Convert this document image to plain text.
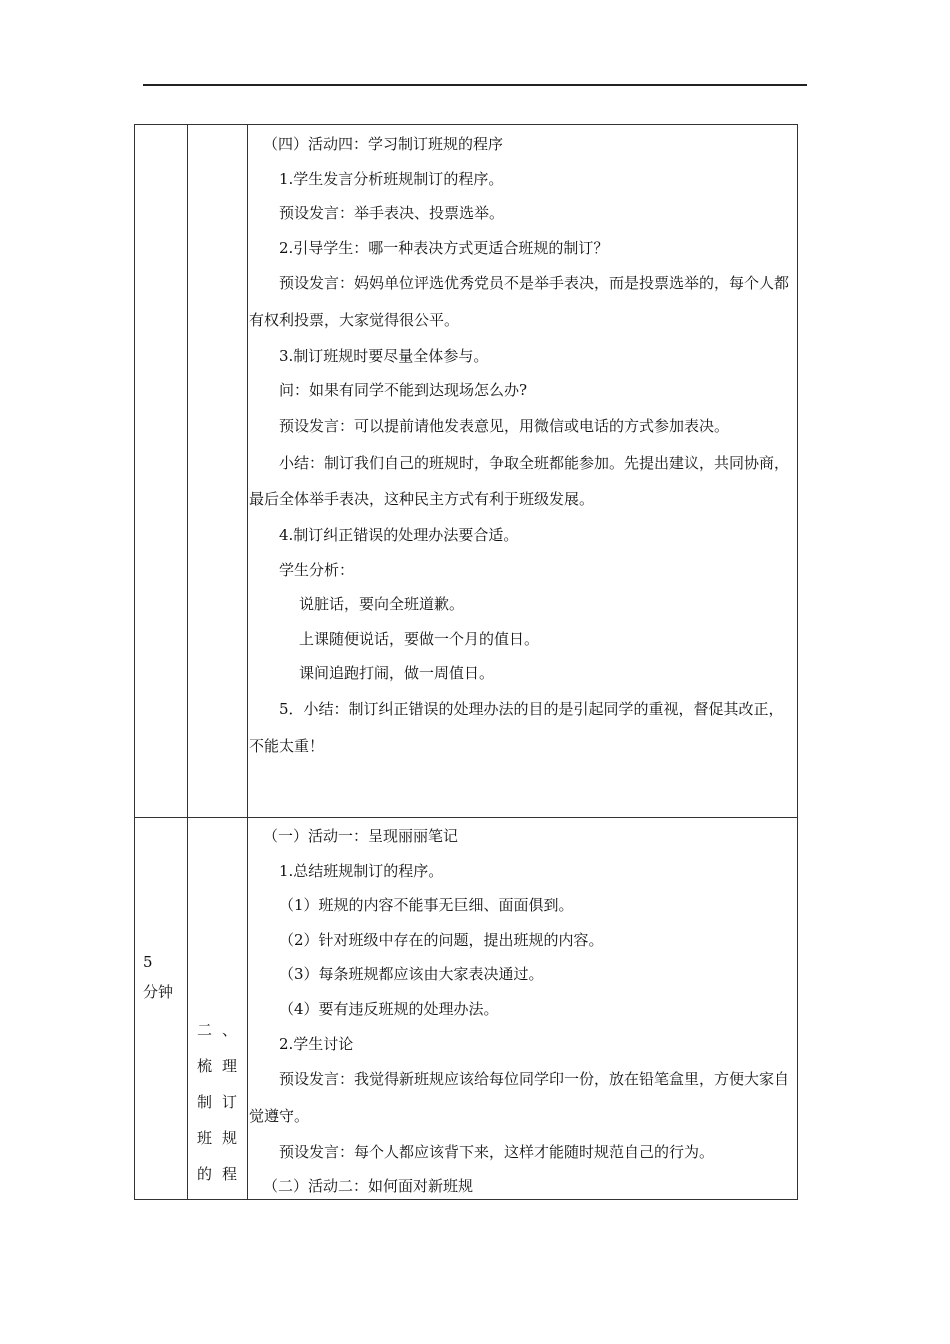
（四）活动四：学习制订班规的程序

1.学生发言分析班规制订的程序。

预设发言：举手表决、投票选举。

2.引导学生：哪一种表决方式更适合班规的制订？

预设发言：妈妈单位评选优秀党员不是举手表决，而是投票选举的，每个人都有权利投票，大家觉得很公平。

3.制订班规时要尽量全体参与。

问：如果有同学不能到达现场怎么办?

预设发言：可以提前请他发表意见，用微信或电话的方式参加表决。

小结：制订我们自己的班规时，争取全班都能参加。先提出建议，共同协商，最后全体举手表决，这种民主方式有利于班级发展。

4.制订纠正错误的处理办法要合适。

学生分析：

说脏话，要向全班道歉。

上课随便说话，要做一个月的值日。

课间追跑打闹，做一周值日。

5．小结：制订纠正错误的处理办法的目的是引起同学的重视，督促其改正，不能太重！

5
分钟
二 、
梳 理
制 订
班 规
的 程

（一）活动一：呈现丽丽笔记

1.总结班规制订的程序。

（1）班规的内容不能事无巨细、面面俱到。

（2）针对班级中存在的问题，提出班规的内容。

（3）每条班规都应该由大家表决通过。

（4）要有违反班规的处理办法。

2.学生讨论

预设发言：我觉得新班规应该给每位同学印一份，放在铅笔盒里，方便大家自觉遵守。

预设发言：每个人都应该背下来，这样才能随时规范自己的行为。

（二）活动二：如何面对新班规
